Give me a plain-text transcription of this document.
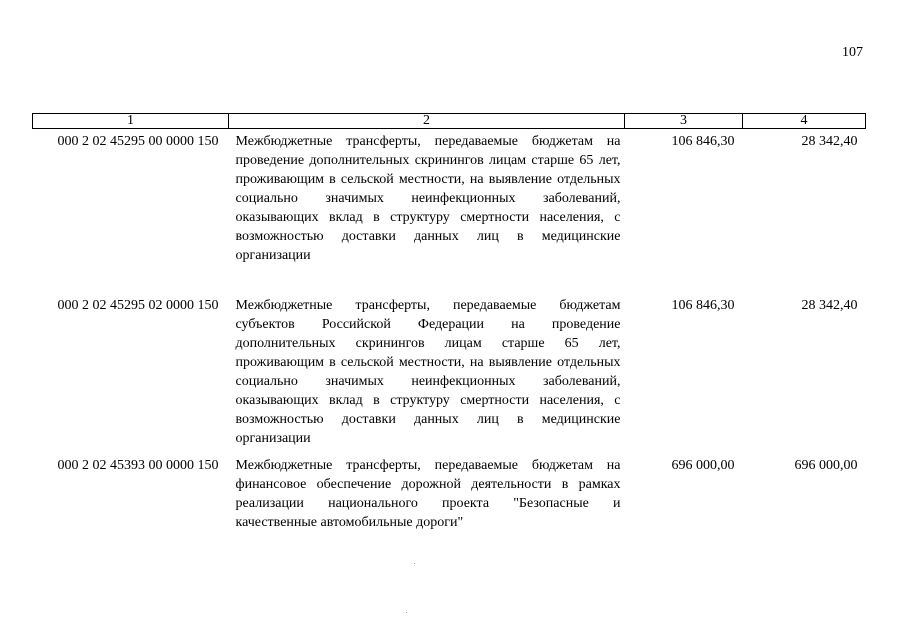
107
1	2	3	4
000 2 02 45295 00 0000 150	Межбюджетные трансферты, передаваемые бюджетам на проведение дополнительных скринингов лицам старше 65 лет, проживающим в сельской местности, на выявление отдельных социально значимых неинфекционных заболеваний, оказывающих вклад в структуру смертности населения, с возможностью доставки данных лиц в медицинские организации	106 846,30	28 342,40
000 2 02 45295 02 0000 150	Межбюджетные трансферты, передаваемые бюджетам субъектов Российской Федерации на проведение дополнительных скринингов лицам старше 65 лет, проживающим в сельской местности, на выявление отдельных социально значимых неинфекционных заболеваний, оказывающих вклад в структуру смертности населения, с возможностью доставки данных лиц в медицинские организации	106 846,30	28 342,40
000 2 02 45393 00 0000 150	Межбюджетные трансферты, передаваемые бюджетам на финансовое обеспечение дорожной деятельности в рамках реализации национального проекта "Безопасные и качественные автомобильные дороги"	696 000,00	696 000,00
